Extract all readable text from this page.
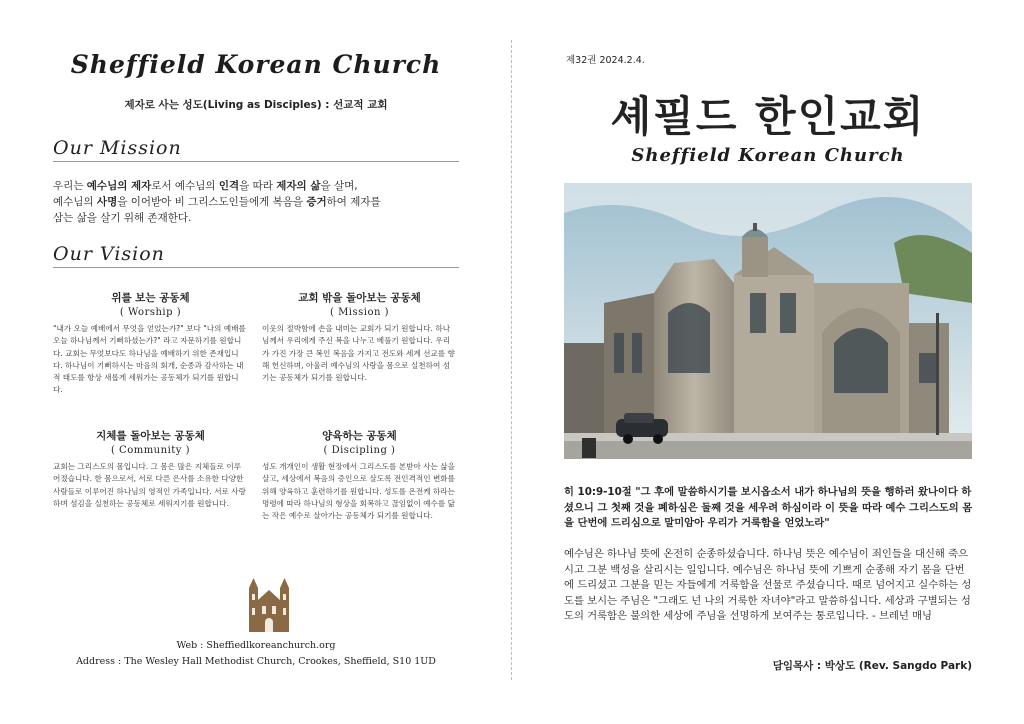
Sheffield Korean Church
제자로 사는 성도(Living as Disciples) : 선교적 교회
Our Mission
우리는 예수님의 제자로서 예수님의 인격을 따라 제자의 삶을 살며,
예수님의 사명을 이어받아 비 그리스도인들에게 복음을 증거하여 제자를
삼는 삶을 살기 위해 존재한다.
Our Vision
위를 보는 공동체
( Worship )
"내가 오늘 예배에서 무엇을 얻었는가?" 보다 "나의 예배를 오늘 하나님께서 기뻐하셨는가?" 라고 자문하기를 원합니다. 교회는 무엇보다도 하나님을 예배하기 위한 존재입니다. 하나님이 기뻐하시는 마음의 회개, 순종과 감사하는 내적 태도를 항상 새롭게 세워가는 공동체가 되기를 원합니다.
교회 밖을 돌아보는 공동체
( Mission )
이웃의 절박함에 손을 내미는 교회가 되기 원합니다. 하나님께서 우리에게 주신 복을 나누고 베풀기 원합니다. 우리가 가진 가장 큰 복인 복음을 가지고 전도와 세계 선교를 향해 헌신하며, 아울러 예수님의 사랑을 몸으로 실천하여 섬기는 공동체가 되기를 원합니다.
지체를 돌아보는 공동체
( Community )
교회는 그리스도의 몸입니다. 그 몸은 많은 지체들로 이루어졌습니다. 한 몸으로서, 서로 다른 은사를 소유한 다양한 사람들로 이루어진 하나님의 영적인 가족입니다. 서로 사랑하며 섬김을 실천하는 공동체로 세워지기를 원합니다.
양육하는 공동체
( Discipling )
성도 개개인이 생활 현장에서 그리스도를 본받아 사는 삶을 살고, 세상에서 복음의 증인으로 살도록 전인격적인 변화를 위해 양육하고 훈련하기를 원합니다. 성도를 온전케 하라는 명령에 따라 하나님의 형상을 회복하고 끊임없이 예수를 닮는 작은 예수로 살아가는 공동체가 되기를 원합니다.
Web : Sheffiedlkoreanchurch.org
Address : The Wesley Hall Methodist Church, Crookes, Sheffield, S10 1UD
제32권 2024.2.4.
셰필드 한인교회
Sheffield Korean Church
히 10:9-10절 "그 후에 말씀하시기를 보시옵소서 내가 하나님의 뜻을 행하러 왔나이다 하셨으니 그 첫째 것을 폐하심은 둘째 것을 세우려 하심이라 이 뜻을 따라 예수 그리스도의 몸을 단번에 드리심으로 말미암아 우리가 거룩함을 얻었노라"
예수님은 하나님 뜻에 온전히 순종하셨습니다. 하나님 뜻은 예수님이 죄인들을 대신해 죽으시고 그분 백성을 살리시는 일입니다. 예수님은 하나님 뜻에 기쁘게 순종해 자기 몸을 단번에 드리셨고 그분을 믿는 자들에게 거룩함을 선물로 주셨습니다. 때로 넘어지고 실수하는 성도를 보시는 주님은 "그래도 넌 나의 거룩한 자녀야"라고 말씀하십니다. 세상과 구별되는 성도의 거룩함은 불의한 세상에 주님을 선명하게 보여주는 통로입니다. - 브레넌 매닝
담임목사 : 박상도 (Rev. Sangdo Park)
